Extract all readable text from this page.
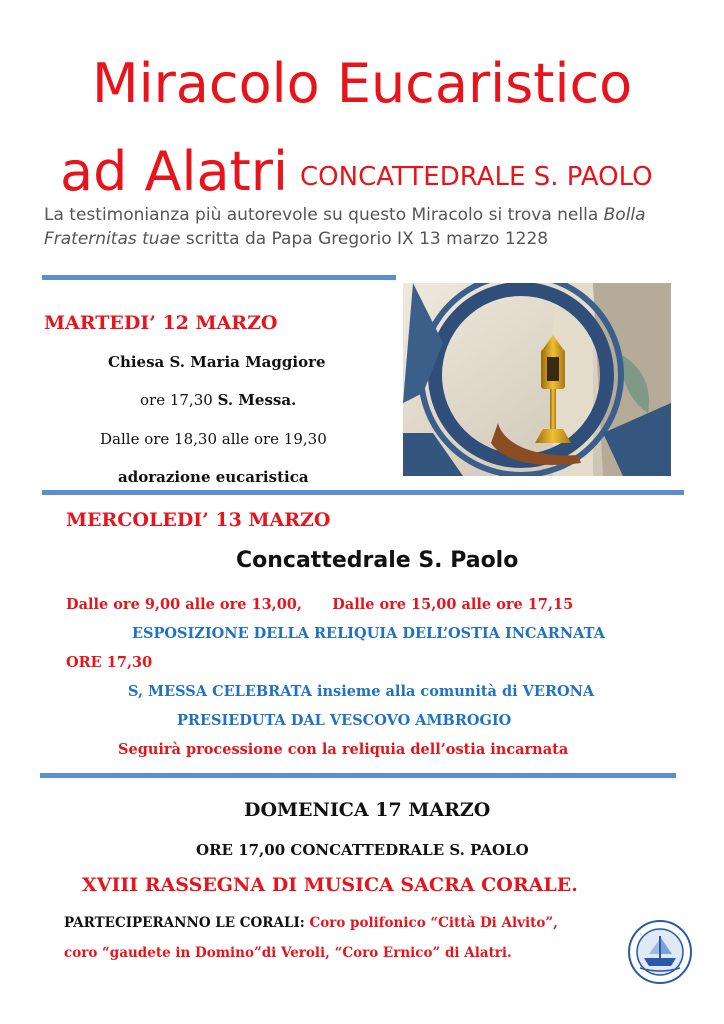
Miracolo Eucaristico
ad Alatri CONCATTEDRALE S. PAOLO
La testimonianza più autorevole su questo Miracolo si trova nella Bolla
Fraternitas tuae scritta da Papa Gregorio IX 13 marzo 1228
MARTEDI’ 12 MARZO
Chiesa S. Maria Maggiore
ore 17,30 S. Messa.
Dalle ore 18,30 alle ore 19,30
adorazione eucaristica
MERCOLEDI’ 13 MARZO
Concattedrale S. Paolo
Dalle ore 9,00 alle ore 13,00,      Dalle ore 15,00 alle ore 17,15
ESPOSIZIONE DELLA RELIQUIA DELL’OSTIA INCARNATA
ORE 17,30
S, MESSA CELEBRATA insieme alla comunità di VERONA
PRESIEDUTA DAL VESCOVO AMBROGIO
Seguirà processione con la reliquia dell’ostia incarnata
DOMENICA 17 MARZO
ORE 17,00 CONCATTEDRALE S. PAOLO
XVIII RASSEGNA DI MUSICA SACRA CORALE.
PARTECIPERANNO LE CORALI: Coro polifonico “Città Di Alvito”,
coro “gaudete in Domino”di Veroli, “Coro Ernico” di Alatri.
